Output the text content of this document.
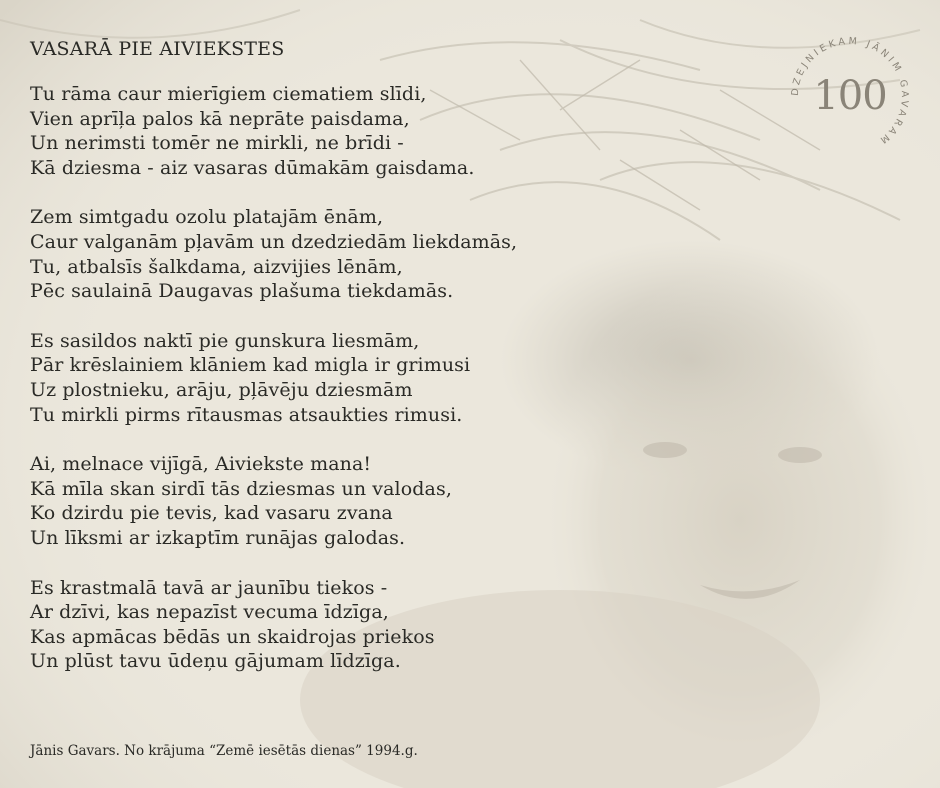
VASARĀ PIE AIVIEKSTES
Tu rāma caur mierīgiem ciematiem slīdi,
Vien aprīļa palos kā neprāte paisdama,
Un nerimsti tomēr ne mirkli, ne brīdi -
Kā dziesma - aiz vasaras dūmakām gaisdama.
Zem simtgadu ozolu platajām ēnām,
Caur valganām pļavām un dzedziedām liekdamās,
Tu, atbalsīs šalkdama, aizvijies lēnām,
Pēc saulainā Daugavas plašuma tiekdamās.
Es sasildos naktī pie gunskura liesmām,
Pār krēslainiem klāniem kad migla ir grimusi
Uz plostnieku, arāju, pļāvēju dziesmām
Tu mirkli pirms rītausmas atsaukties rimusi.
Ai, melnace vijīgā, Aiviekste mana!
Kā mīla skan sirdī tās dziesmas un valodas,
Ko dzirdu pie tevis, kad vasaru zvana
Un līksmi ar izkaptīm runājas galodas.
Es krastmalā tavā ar jaunību tiekos -
Ar dzīvi, kas nepazīst vecuma īdzīga,
Kas apmācas bēdās un skaidrojas priekos
Un plūst tavu ūdeņu gājumam līdzīga.
Jānis Gavars. No krājuma “Zemē iesētās dienas” 1994.g.
DZEJNIEKAM JĀNIM GAVARAM
100
